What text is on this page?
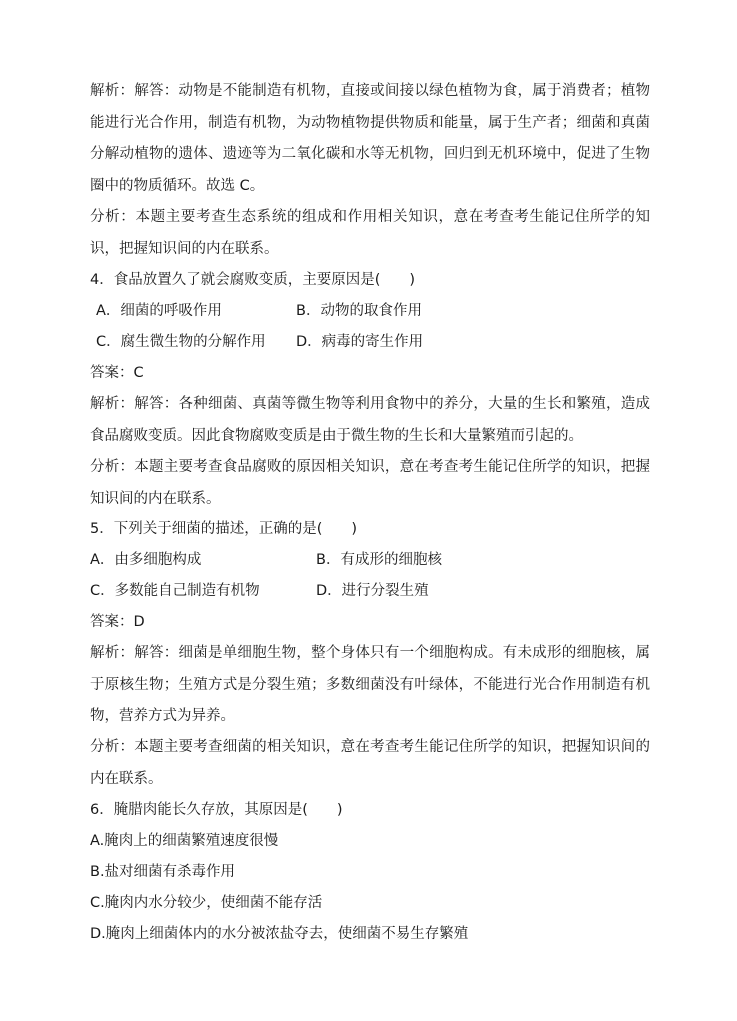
解析：解答：动物是不能制造有机物，直接或间接以绿色植物为食，属于消费者；植物能进行光合作用，制造有机物，为动物植物提供物质和能量，属于生产者；细菌和真菌分解动植物的遗体、遗迹等为二氧化碳和水等无机物，回归到无机环境中，促进了生物圈中的物质循环。故选 C。

分析：本题主要考查生态系统的组成和作用相关知识，意在考查考生能记住所学的知识，把握知识间的内在联系。

4．食品放置久了就会腐败变质，主要原因是(　　)

A．细菌的呼吸作用	B．动物的取食作用
C．腐生微生物的分解作用 D．病毒的寄生作用

答案：C

解析：解答：各种细菌、真菌等微生物等利用食物中的养分，大量的生长和繁殖，造成食品腐败变质。因此食物腐败变质是由于微生物的生长和大量繁殖而引起的。

分析：本题主要考查食品腐败的原因相关知识，意在考查考生能记住所学的知识，把握知识间的内在联系。

5．下列关于细菌的描述，正确的是(　　)

A．由多细胞构成	B．有成形的细胞核
C．多数能自己制造有机物	D．进行分裂生殖

答案：D

解析：解答：细菌是单细胞生物，整个身体只有一个细胞构成。有未成形的细胞核，属于原核生物；生殖方式是分裂生殖；多数细菌没有叶绿体，不能进行光合作用制造有机物，营养方式为异养。

分析：本题主要考查细菌的相关知识，意在考查考生能记住所学的知识，把握知识间的内在联系。

6．腌腊肉能长久存放，其原因是(　　)

A.腌肉上的细菌繁殖速度很慢

B.盐对细菌有杀毒作用

C.腌肉内水分较少，使细菌不能存活

D.腌肉上细菌体内的水分被浓盐夺去，使细菌不易生存繁殖
